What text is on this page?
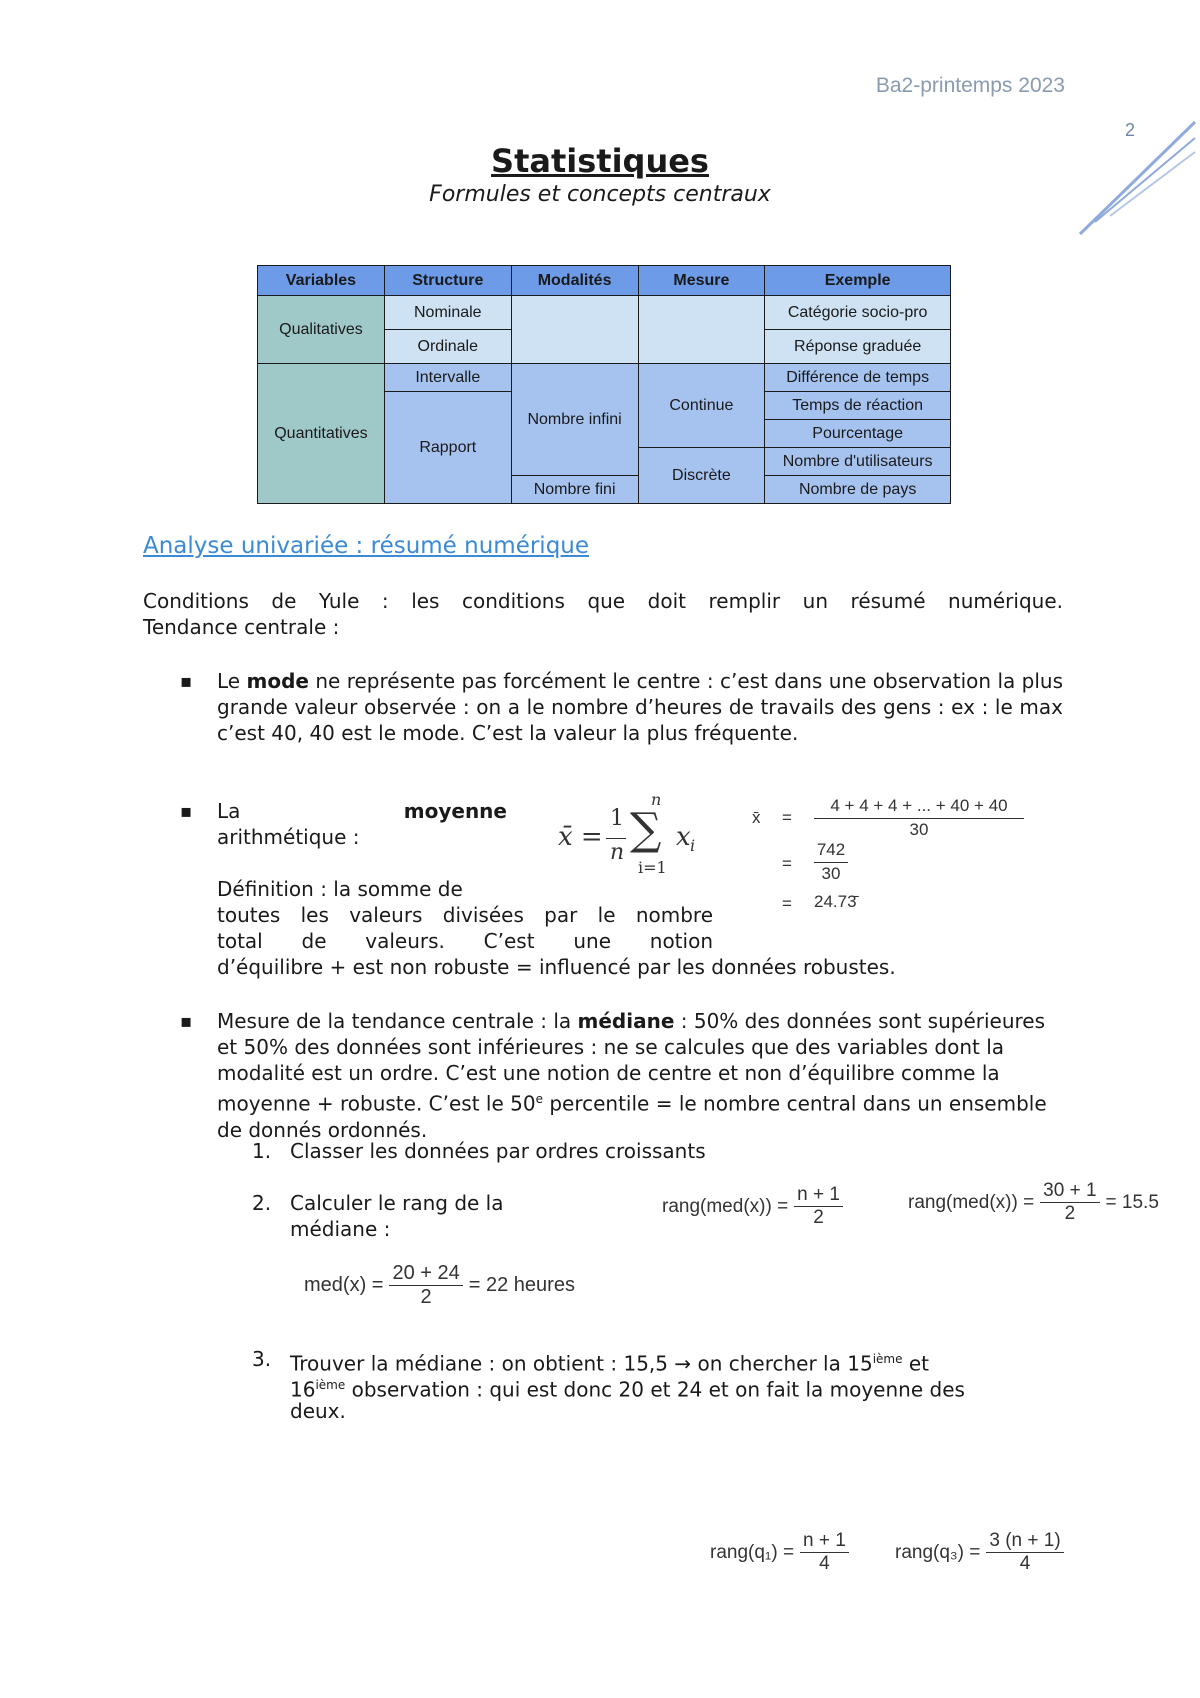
Ba2-printemps 2023
2
Statistiques
Formules et concepts centraux
Variables	Structure	Modalités	Mesure	Exemple
Qualitatives	Nominale			Catégorie socio-pro
	Ordinale			Réponse graduée
Quantitatives	Intervalle	Nombre infini	Continue	Différence de temps
	Rapport			Temps de réaction
				Pourcentage
			Discrète	Nombre d'utilisateurs
		Nombre fini		Nombre de pays
Analyse univariée : résumé numérique
Conditions de Yule : les conditions que doit remplir un résumé numérique.
Tendance centrale :
▪ Le mode ne représente pas forcément le centre : c’est dans une observation la plus grande valeur observée : on a le nombre d’heures de travails des gens : ex : le max c’est 40, 40 est le mode. C’est la valeur la plus fréquente.
▪ La	moyenne
arithmétique :
Définition : la somme de
toutes les valeurs divisées par le nombre
total de valeurs. C’est une notion
d’équilibre + est non robuste = influencé par les données robustes.
x̄ =
1
n
n
∑
i=1
x i
x̄ =
4 + 4 + 4 + ... + 40 + 40
30
=
742
30
= 24.73̄
▪ Mesure de la tendance centrale : la médiane : 50% des données sont supérieures et 50% des données sont inférieures : ne se calcules que des variables dont la modalité est un ordre. C’est une notion de centre et non d’équilibre comme la moyenne + robuste. C’est le 50e percentile = le nombre central dans un ensemble de donnés ordonnés.
1. Classer les données par ordres croissants
2. Calculer le rang de la
médiane :
rang(med(x)) = $\frac{n + 1}{2}$	rang(med(x)) = $\frac{30 + 1}{2} = 15.5$
$med(x) = \frac{20 + 24}{2} = 22$ heures
3. Trouver la médiane : on obtient : 15,5 → on chercher la 15ième et
16ième observation : qui est donc 20 et 24 et on fait la moyenne des
deux.
rang(q₁) = $\frac{n + 1}{4}$ rang(q₃) = $\frac{3 (n + 1)}{4}$
